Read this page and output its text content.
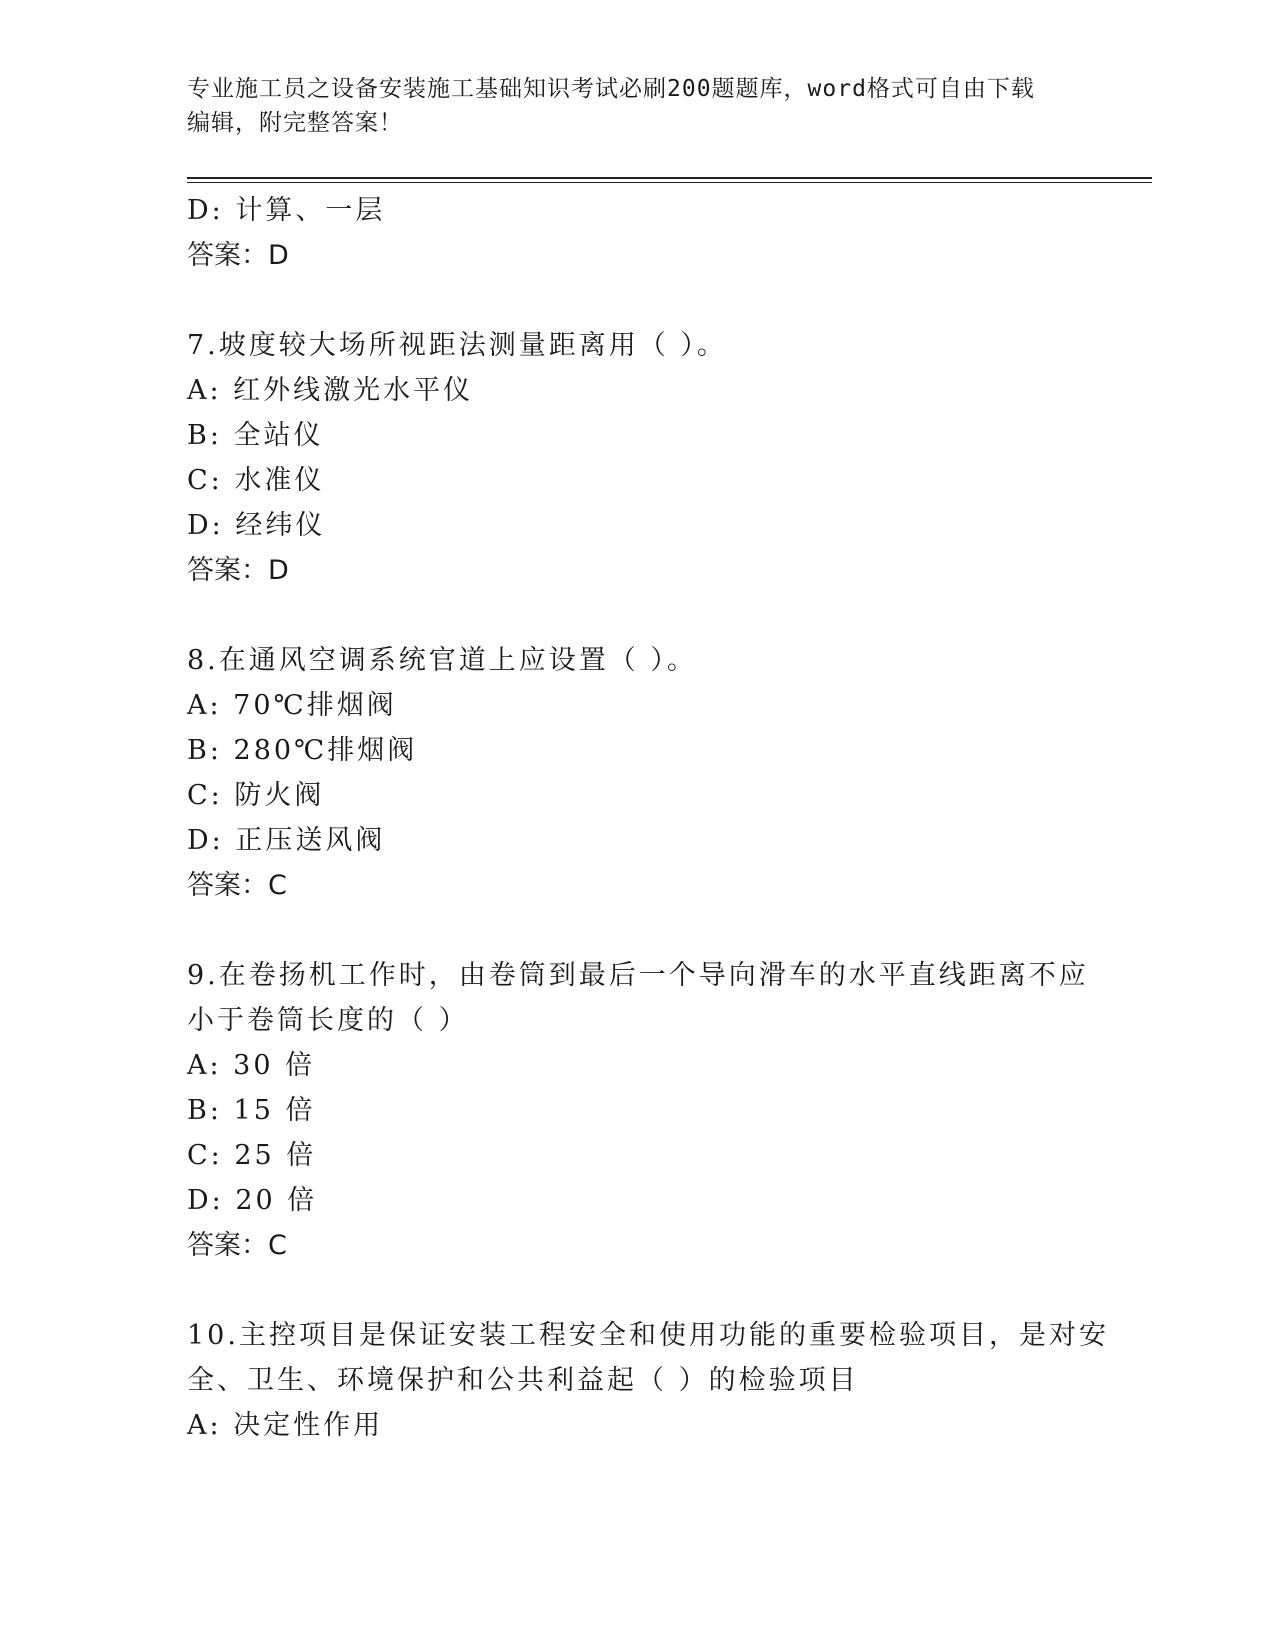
专业施工员之设备安装施工基础知识考试必刷200题题库，word格式可自由下载
编辑，附完整答案！
D: 计算、一层
答案：D
7.坡度较大场所视距法测量距离用（ ）。
A: 红外线激光水平仪
B: 全站仪
C: 水准仪
D: 经纬仪
答案：D
8.在通风空调系统官道上应设置（ ）。
A: 70℃排烟阀
B: 280℃排烟阀
C: 防火阀
D: 正压送风阀
答案：C
9.在卷扬机工作时，由卷筒到最后一个导向滑车的水平直线距离不应
小于卷筒长度的（ ）
A: 30 倍
B: 15 倍
C: 25 倍
D: 20 倍
答案：C
10.主控项目是保证安装工程安全和使用功能的重要检验项目，是对安
全、卫生、环境保护和公共利益起（ ）的检验项目
A: 决定性作用
